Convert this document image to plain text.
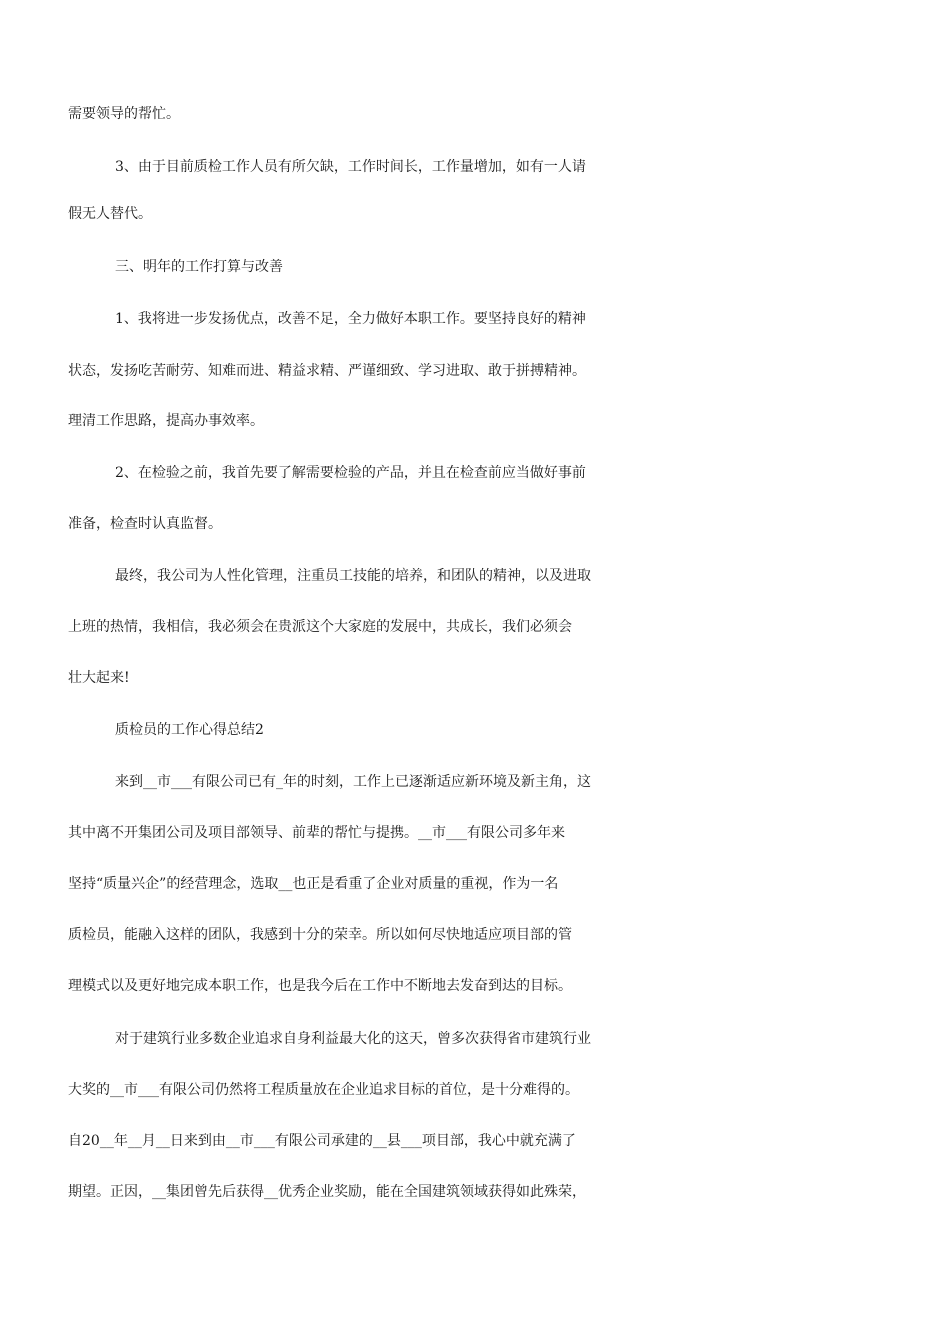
需要领导的帮忙。
3、由于目前质检工作人员有所欠缺，工作时间长，工作量增加，如有一人请
假无人替代。
三、明年的工作打算与改善
1、我将进一步发扬优点，改善不足，全力做好本职工作。要坚持良好的精神
状态，发扬吃苦耐劳、知难而进、精益求精、严谨细致、学习进取、敢于拼搏精神。
理清工作思路，提高办事效率。
2、在检验之前，我首先要了解需要检验的产品，并且在检查前应当做好事前
准备，检查时认真监督。
最终，我公司为人性化管理，注重员工技能的培养，和团队的精神，以及进取
上班的热情，我相信，我必须会在贵派这个大家庭的发展中，共成长，我们必须会
壮大起来!
质检员的工作心得总结2
来到__市___有限公司已有_年的时刻，工作上已逐渐适应新环境及新主角，这
其中离不开集团公司及项目部领导、前辈的帮忙与提携。__市___有限公司多年来
坚持“质量兴企”的经营理念，选取__也正是看重了企业对质量的重视，作为一名
质检员，能融入这样的团队，我感到十分的荣幸。所以如何尽快地适应项目部的管
理模式以及更好地完成本职工作，也是我今后在工作中不断地去发奋到达的目标。
对于建筑行业多数企业追求自身利益最大化的这天，曾多次获得省市建筑行业
大奖的__市___有限公司仍然将工程质量放在企业追求目标的首位，是十分难得的。
自20__年__月__日来到由__市___有限公司承建的__县___项目部，我心中就充满了
期望。正因，__集团曾先后获得__优秀企业奖励，能在全国建筑领域获得如此殊荣，
